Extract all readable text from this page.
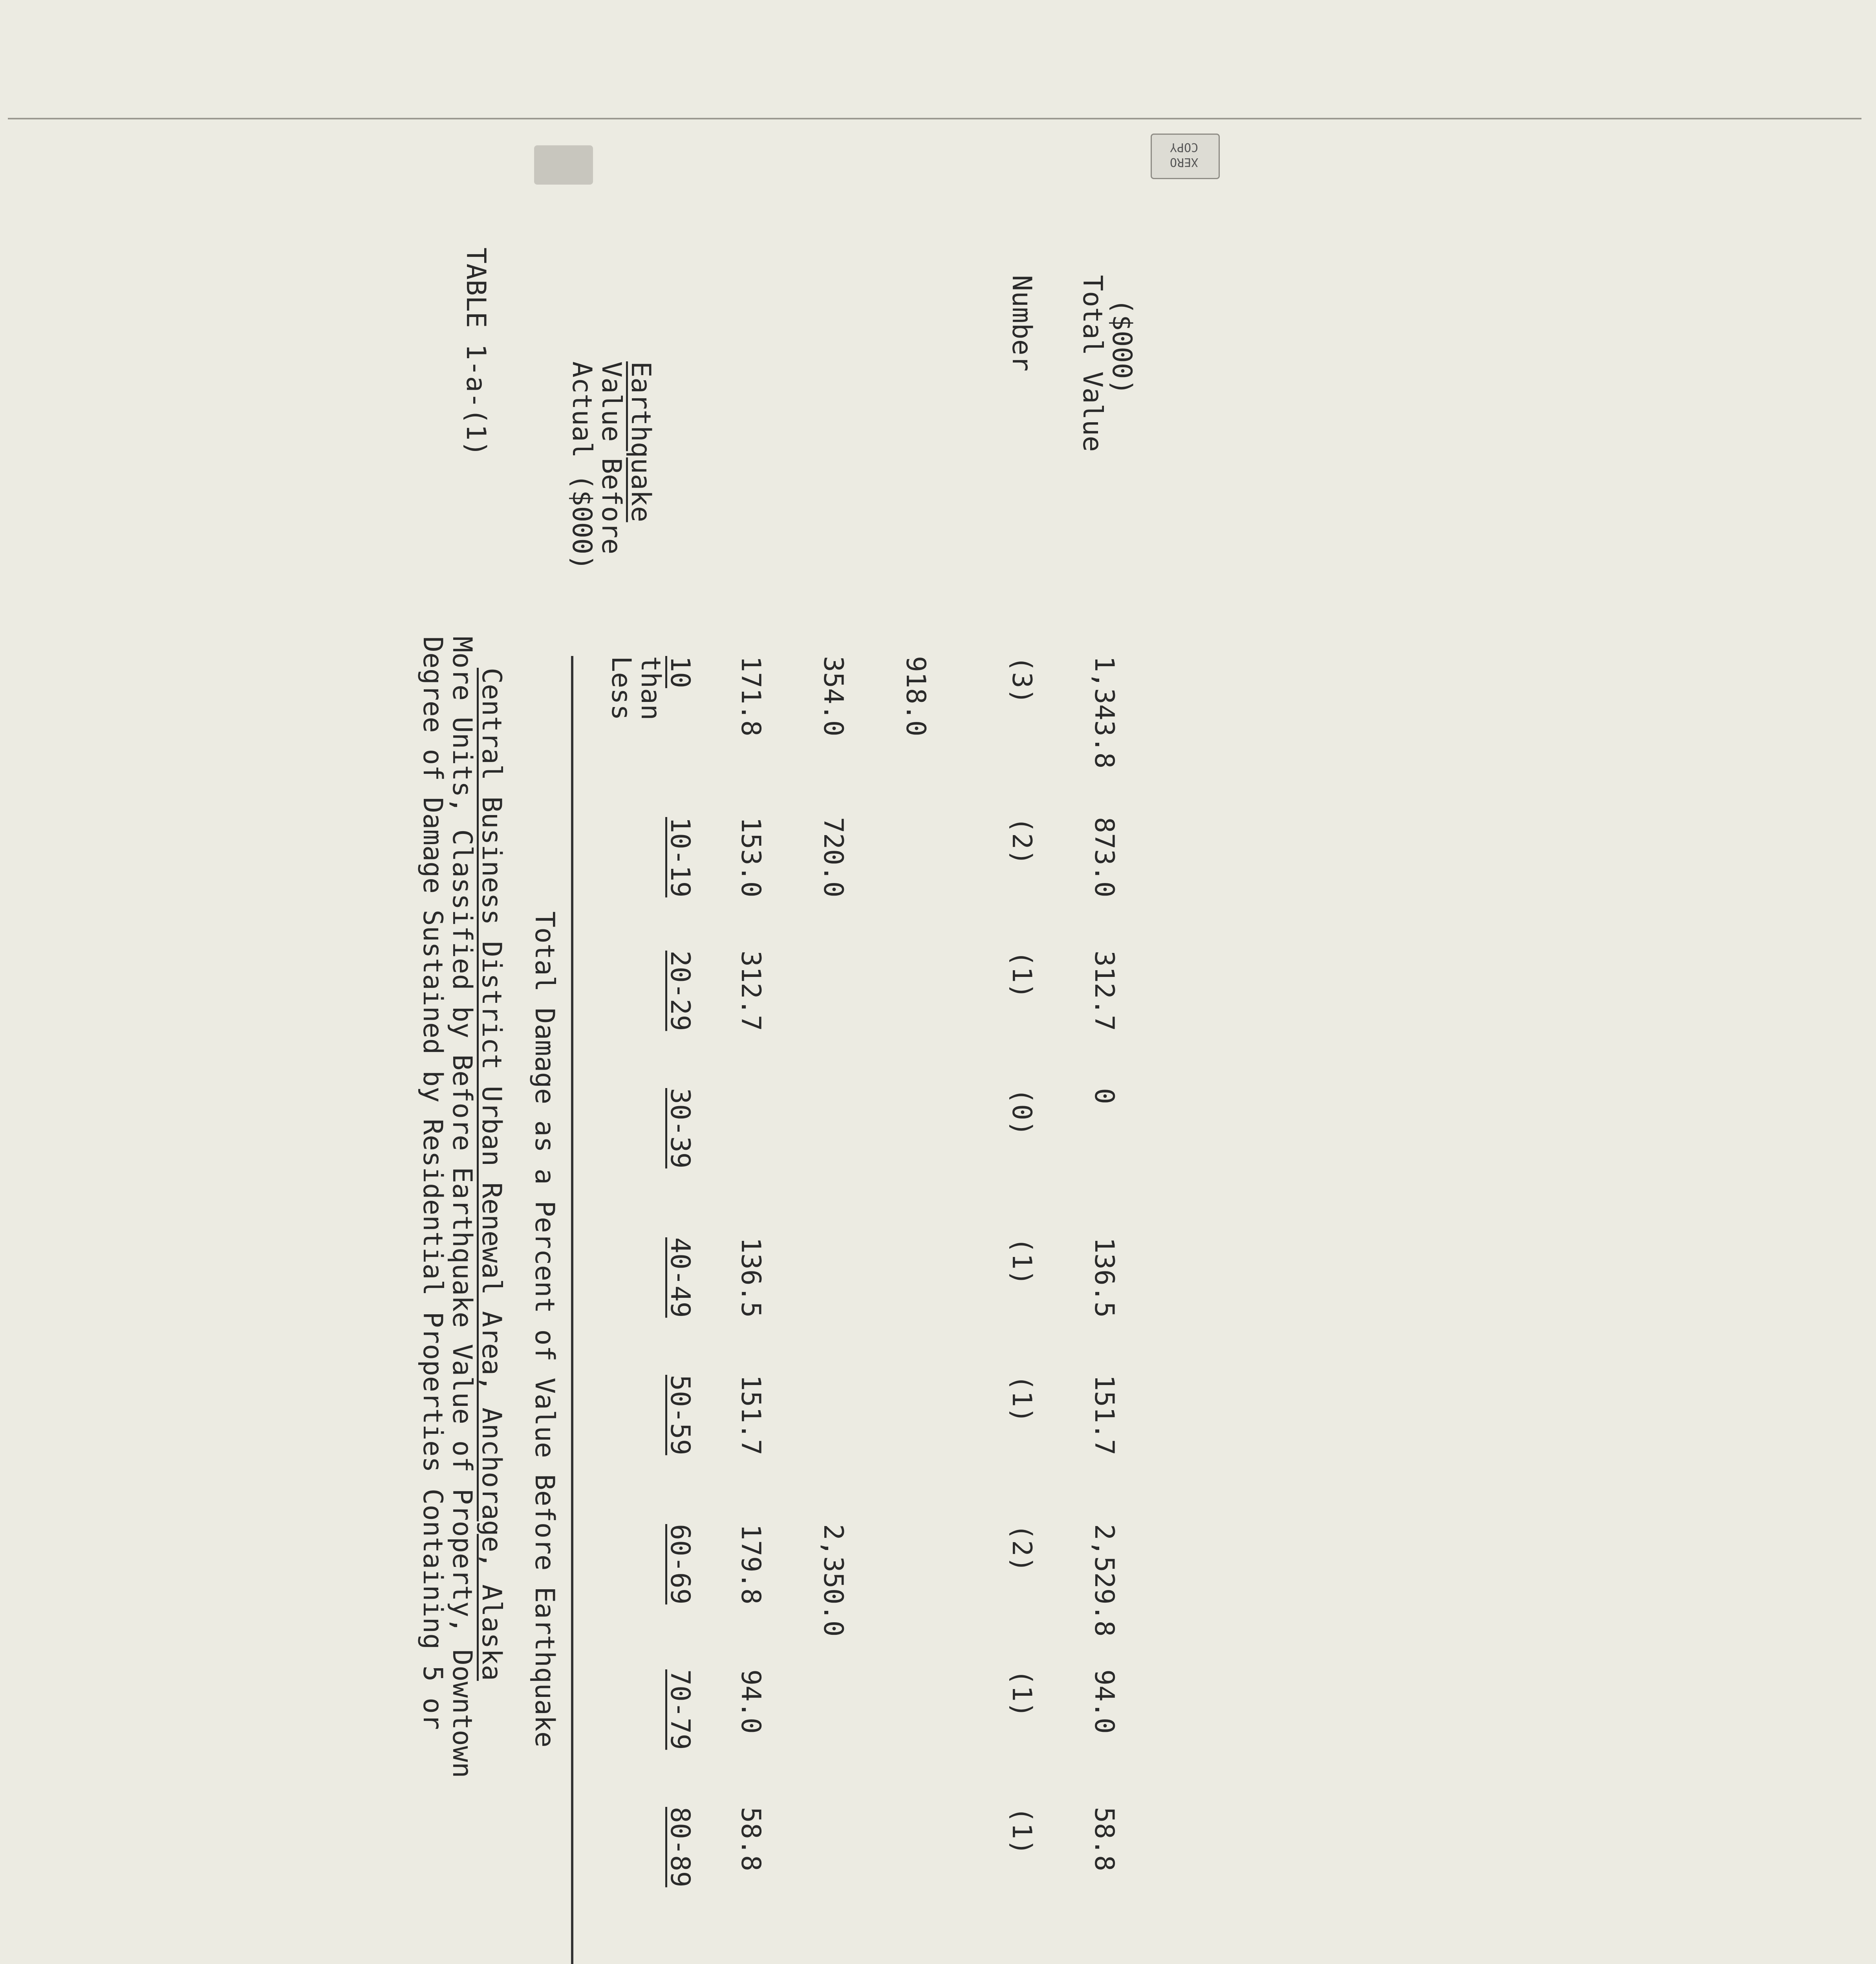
XERO COPY
TABLE 1-a-(1)
Degree of Damage Sustained by Residential Properties Containing 5 or
More Units, Classified by Before Earthquake Value of Property, Downtown
Central Business District Urban Renewal Area, Anchorage, Alaska
Actual ($000)
Value Before
Earthquake
Total Damage as a Percent of Value Before Earthquake
Less
than
10
10-19
20-29
30-39
40-49
50-59
60-69
70-79
80-89
171.8
153.0
312.7
136.5
151.7
179.8
94.0
58.8
354.0
720.0
2,350.0
918.0	(3)
(2)
(1)
(0)
(1)
(1)
(2)
(1)
(1)
1,343.8
873.0
312.7
0
136.5
151.7
2,529.8
94.0
58.8
Number Total Value
($000)
